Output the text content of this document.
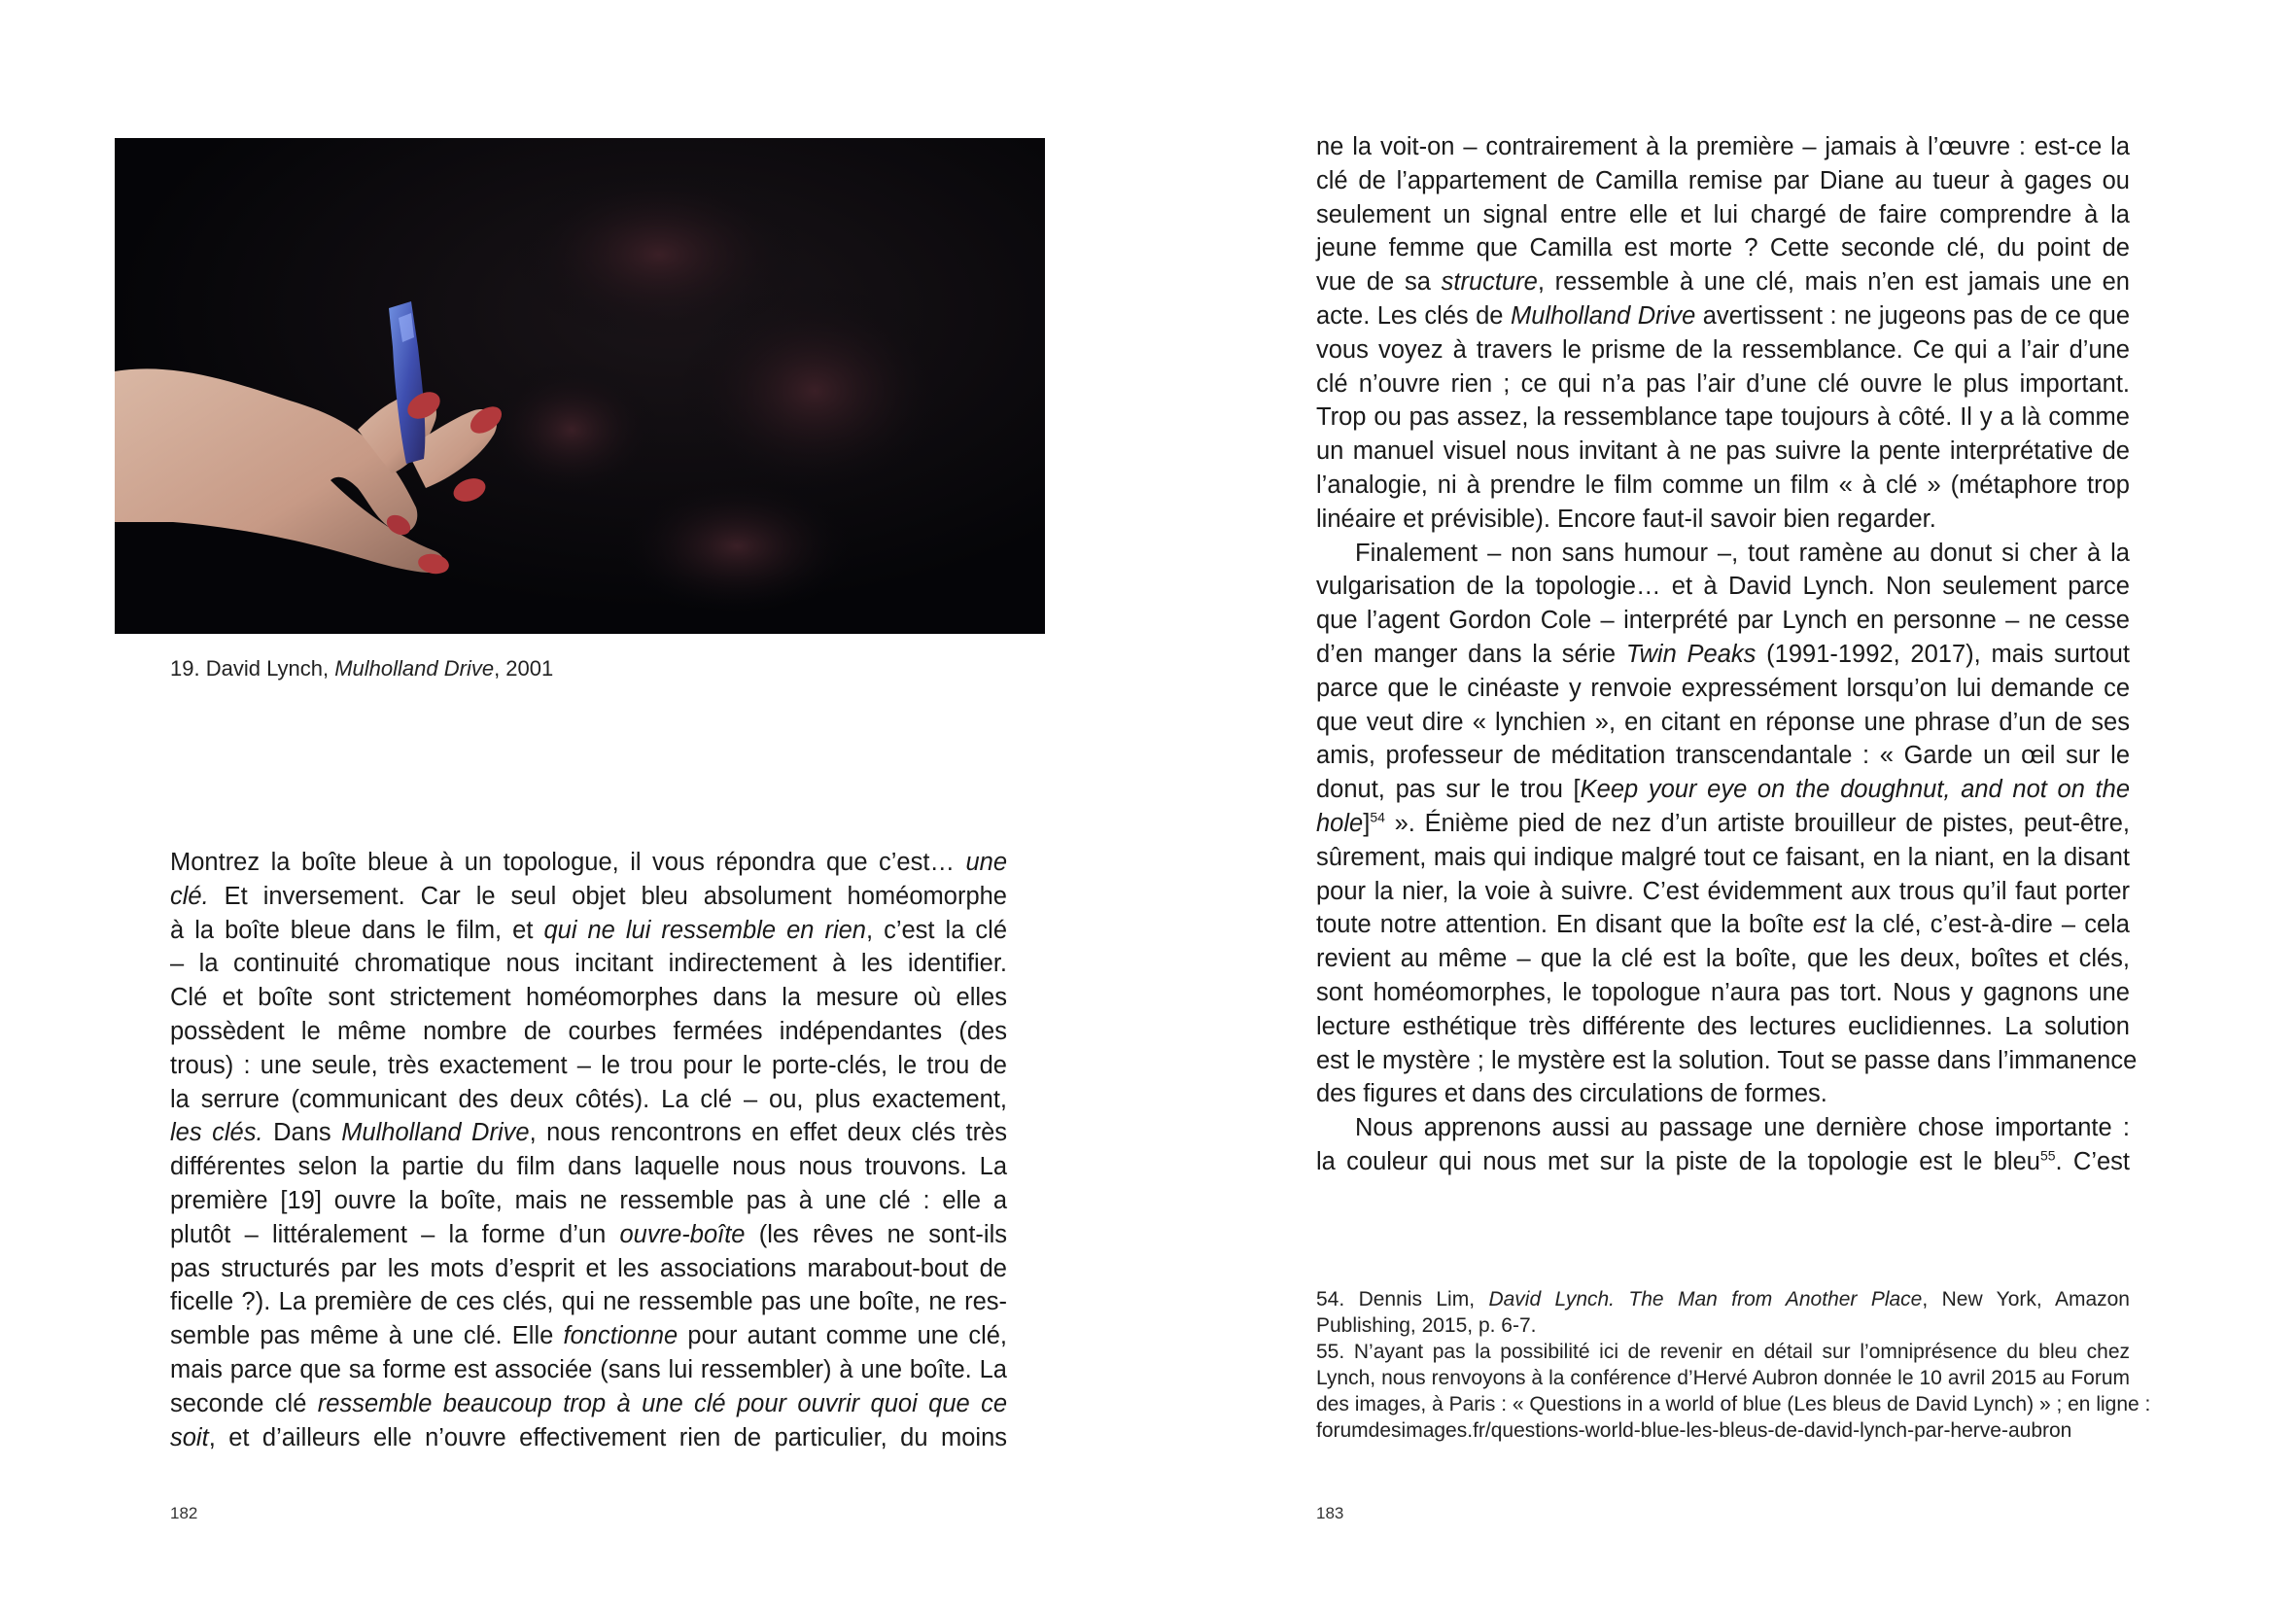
19. David Lynch, Mulholland Drive, 2001
Montrez la boîte bleue à un topologue, il vous répondra que c’est… une
clé. Et inversement. Car le seul objet bleu absolument homéomorphe
à la boîte bleue dans le film, et qui ne lui ressemble en rien, c’est la clé
– la continuité chromatique nous incitant indirectement à les identifier.
Clé et boîte sont strictement homéomorphes dans la mesure où elles
possèdent le même nombre de courbes fermées indépendantes (des
trous) : une seule, très exactement – le trou pour le porte-clés, le trou de
la serrure (communicant des deux côtés). La clé – ou, plus exactement,
les clés. Dans Mulholland Drive, nous rencontrons en effet deux clés très
différentes selon la partie du film dans laquelle nous nous trouvons. La
première [19] ouvre la boîte, mais ne ressemble pas à une clé : elle a
plutôt – littéralement – la forme d’un ouvre-boîte (les rêves ne sont-ils
pas structurés par les mots d’esprit et les associations marabout-bout de
ficelle ?). La première de ces clés, qui ne ressemble pas une boîte, ne res-
semble pas même à une clé. Elle fonctionne pour autant comme une clé,
mais parce que sa forme est associée (sans lui ressembler) à une boîte. La
seconde clé ressemble beaucoup trop à une clé pour ouvrir quoi que ce
soit, et d’ailleurs elle n’ouvre effectivement rien de particulier, du moins
182
ne la voit-on – contrairement à la première – jamais à l’œuvre : est-ce la
clé de l’appartement de Camilla remise par Diane au tueur à gages ou
seulement un signal entre elle et lui chargé de faire comprendre à la
jeune femme que Camilla est morte ? Cette seconde clé, du point de
vue de sa structure, ressemble à une clé, mais n’en est jamais une en
acte. Les clés de Mulholland Drive avertissent : ne jugeons pas de ce que
vous voyez à travers le prisme de la ressemblance. Ce qui a l’air d’une
clé n’ouvre rien ; ce qui n’a pas l’air d’une clé ouvre le plus important.
Trop ou pas assez, la ressemblance tape toujours à côté. Il y a là comme
un manuel visuel nous invitant à ne pas suivre la pente interprétative de
l’analogie, ni à prendre le film comme un film « à clé » (métaphore trop
linéaire et prévisible). Encore faut-il savoir bien regarder.
Finalement – non sans humour –, tout ramène au donut si cher à la
vulgarisation de la topologie… et à David Lynch. Non seulement parce
que l’agent Gordon Cole – interprété par Lynch en personne – ne cesse
d’en manger dans la série Twin Peaks (1991-1992, 2017), mais surtout
parce que le cinéaste y renvoie expressément lorsqu’on lui demande ce
que veut dire « lynchien », en citant en réponse une phrase d’un de ses
amis, professeur de méditation transcendantale : « Garde un œil sur le
donut, pas sur le trou [Keep your eye on the doughnut, and not on the
hole]$^{54}$ ». Énième pied de nez d’un artiste brouilleur de pistes, peut-être,
sûrement, mais qui indique malgré tout ce faisant, en la niant, en la disant
pour la nier, la voie à suivre. C’est évidemment aux trous qu’il faut porter
toute notre attention. En disant que la boîte est la clé, c’est-à-dire – cela
revient au même – que la clé est la boîte, que les deux, boîtes et clés,
sont homéomorphes, le topologue n’aura pas tort. Nous y gagnons une
lecture esthétique très différente des lectures euclidiennes. La solution
est le mystère ; le mystère est la solution. Tout se passe dans l’immanence
des figures et dans des circulations de formes.
Nous apprenons aussi au passage une dernière chose importante :
la couleur qui nous met sur la piste de la topologie est le bleu$^{55}$. C’est
54. Dennis Lim, David Lynch. The Man from Another Place, New York, Amazon
Publishing, 2015, p. 6-7.
55. N’ayant pas la possibilité ici de revenir en détail sur l’omniprésence du bleu chez
Lynch, nous renvoyons à la conférence d’Hervé Aubron donnée le 10 avril 2015 au Forum
des images, à Paris : « Questions in a world of blue (Les bleus de David Lynch) » ; en ligne :
forumdesimages.fr/questions-world-blue-les-bleus-de-david-lynch-par-herve-aubron
183
